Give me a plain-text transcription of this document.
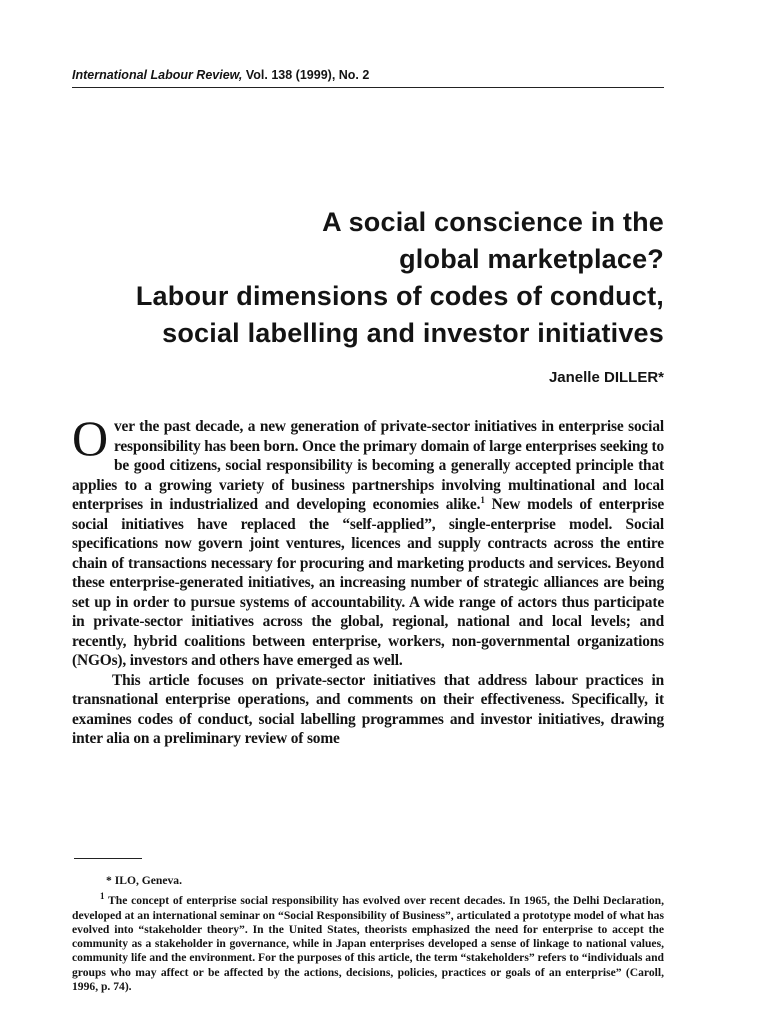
International Labour Review, Vol. 138 (1999), No. 2
A social conscience in the
global marketplace?
Labour dimensions of codes of conduct,
social labelling and investor initiatives
Janelle DILLER*

Over the past decade, a new generation of private-sector initiatives in enterprise social responsibility has been born. Once the primary domain of large enterprises seeking to be good citizens, social responsibility is becoming a generally accepted principle that applies to a growing variety of business partnerships involving multinational and local enterprises in industrialized and developing economies alike.$^1$ New models of enterprise social initiatives have replaced the “self-applied”, single-enterprise model. Social specifications now govern joint ventures, licences and supply contracts across the entire chain of transactions necessary for procuring and marketing products and services. Beyond these enterprise-generated initiatives, an increasing number of strategic alliances are being set up in order to pursue systems of accountability. A wide range of actors thus participate in private-sector initiatives across the global, regional, national and local levels; and recently, hybrid coalitions between enterprise, workers, non-governmental organizations (NGOs), investors and others have emerged as well.

This article focuses on private-sector initiatives that address labour practices in transnational enterprise operations, and comments on their effectiveness. Specifically, it examines codes of conduct, social labelling programmes and investor initiatives, drawing inter alia on a preliminary review of some

* ILO, Geneva.

$^1$ The concept of enterprise social responsibility has evolved over recent decades. In 1965, the Delhi Declaration, developed at an international seminar on “Social Responsibility of Business”, articulated a prototype model of what has evolved into “stakeholder theory”. In the United States, theorists emphasized the need for enterprise to accept the community as a stakeholder in governance, while in Japan enterprises developed a sense of linkage to national values, community life and the environment. For the purposes of this article, the term “stakeholders” refers to “individuals and groups who may affect or be affected by the actions, decisions, policies, practices or goals of an enterprise” (Caroll, 1996, p. 74).
